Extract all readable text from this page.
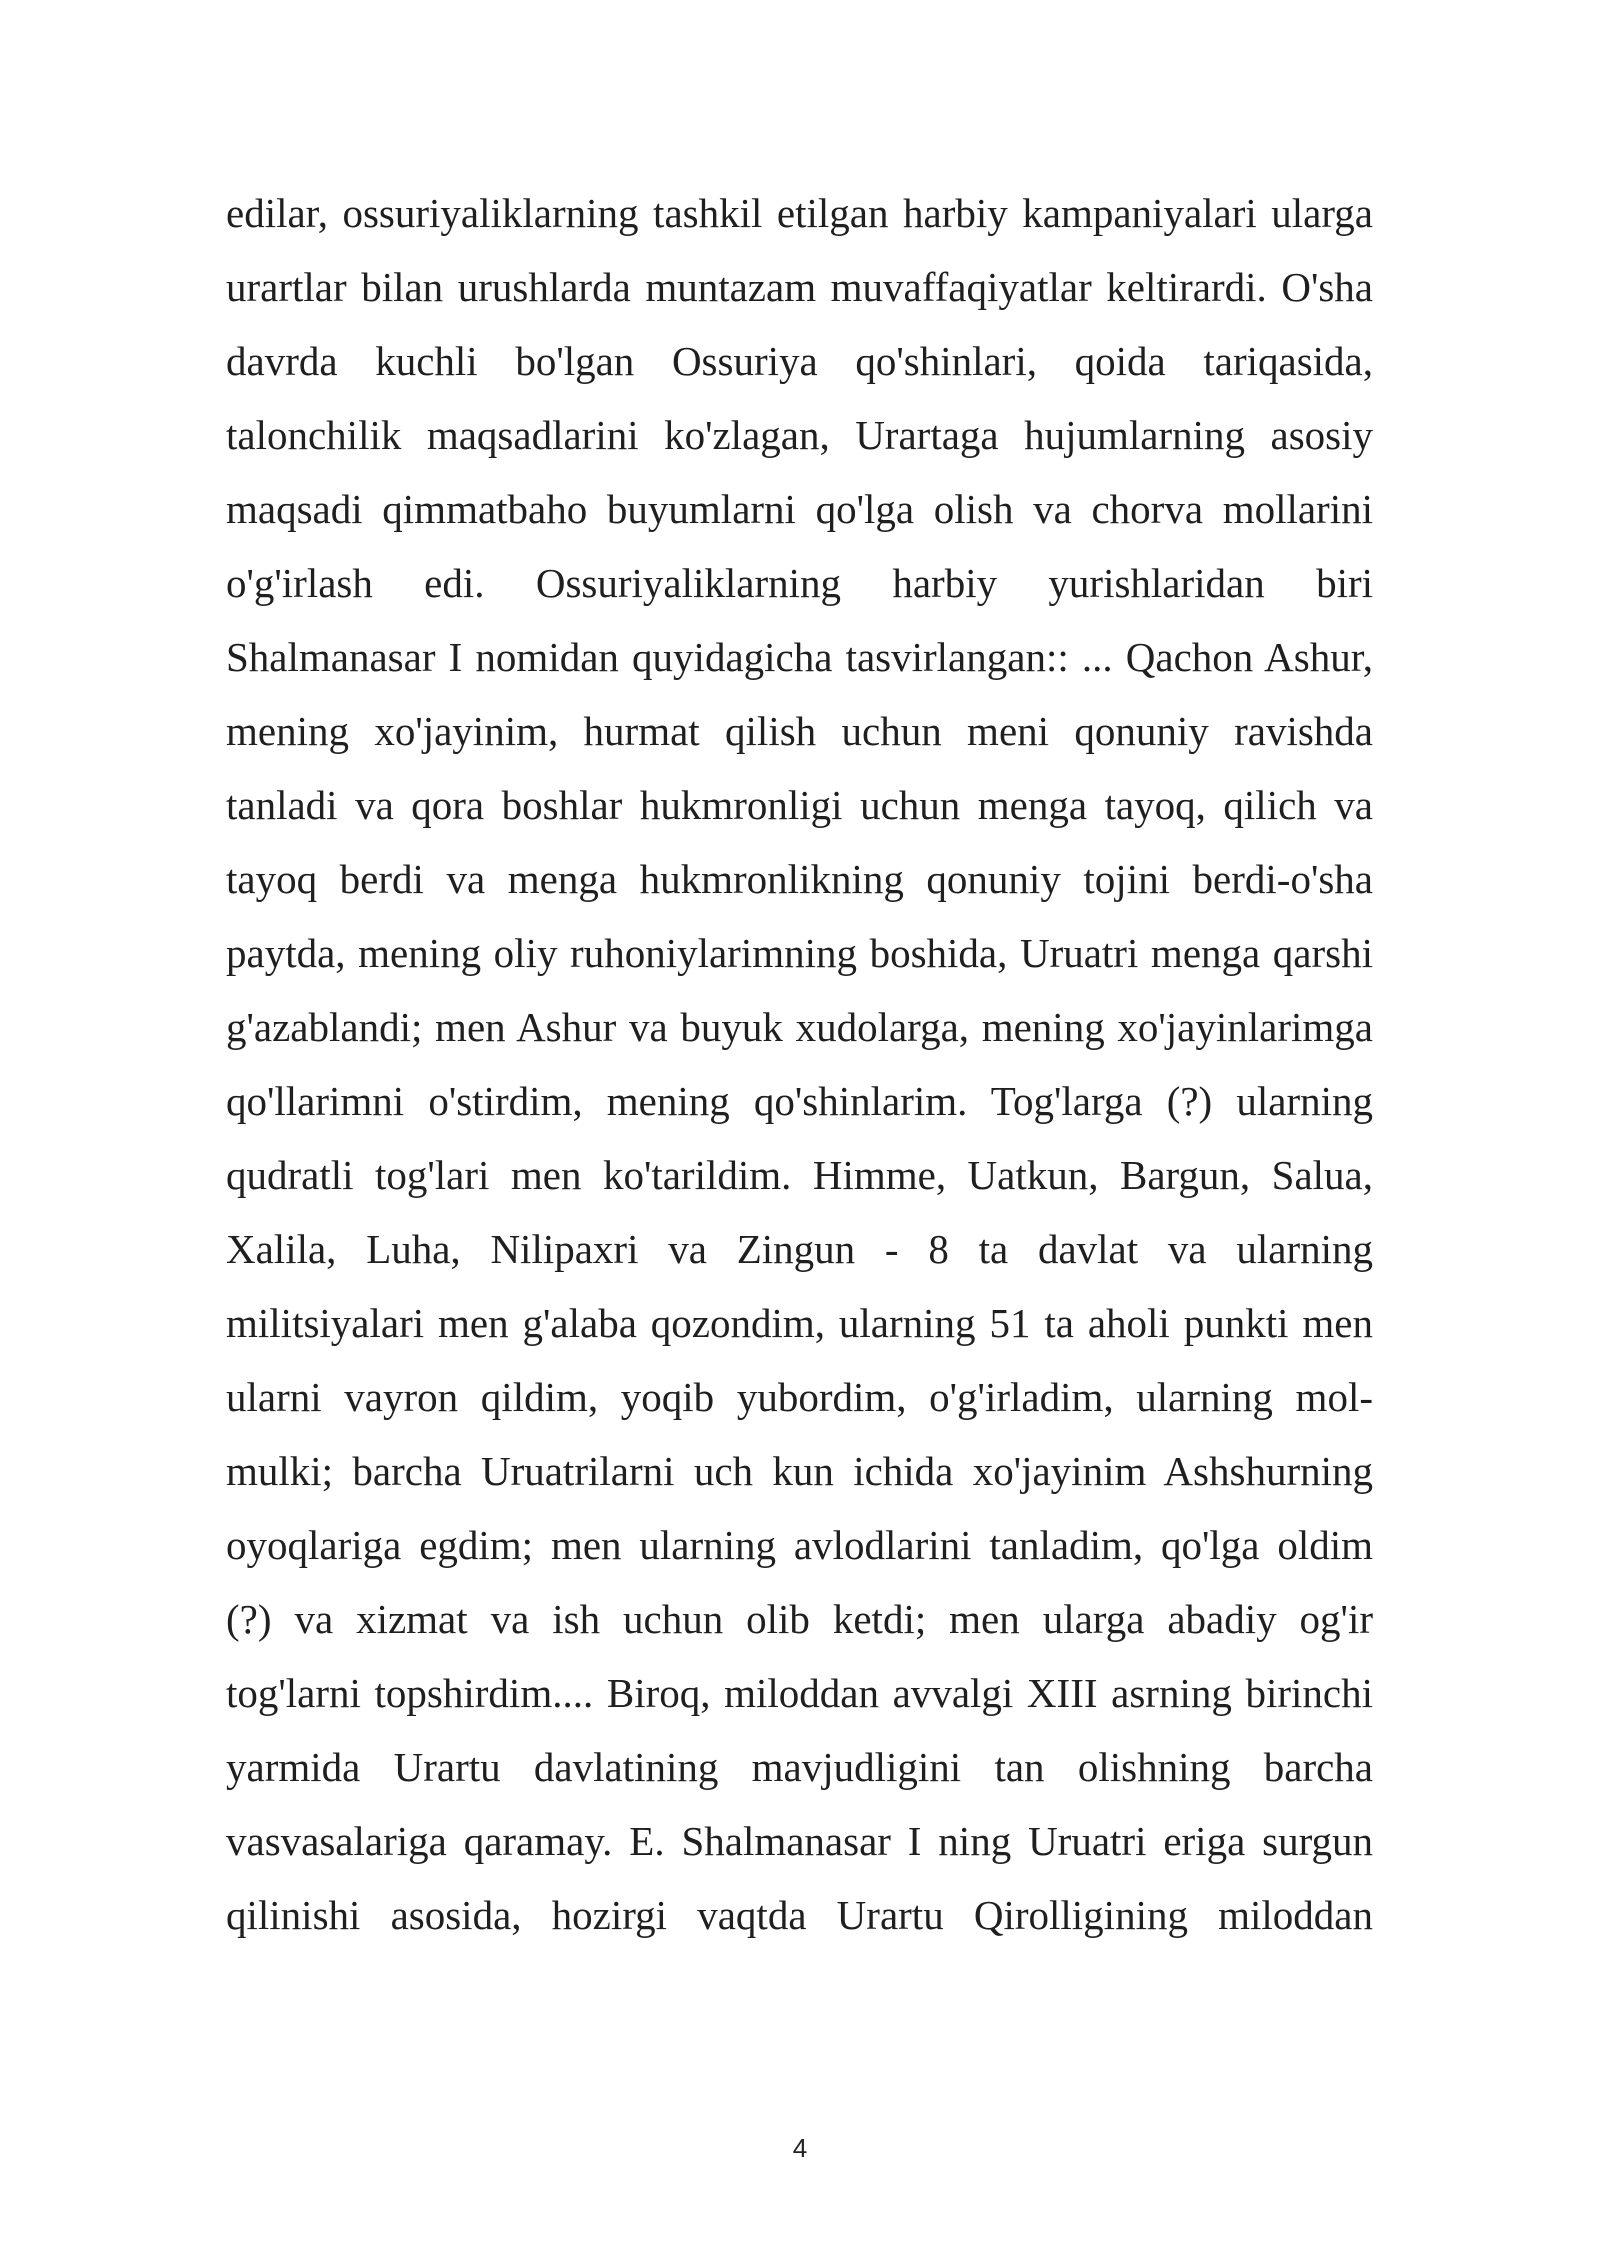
edilar, ossuriyaliklarning tashkil etilgan harbiy kampaniyalari ularga urartlar bilan urushlarda muntazam muvaffaqiyatlar keltirardi. O'sha davrda kuchli bo'lgan Ossuriya qo'shinlari, qoida tariqasida, talonchilik maqsadlarini ko'zlagan, Urartaga hujumlarning asosiy maqsadi qimmatbaho buyumlarni qo'lga olish va chorva mollarini o'g'irlash edi. Ossuriyaliklarning harbiy yurishlaridan biri Shalmanasar I nomidan quyidagicha tasvirlangan:: ... Qachon Ashur, mening xo'jayinim, hurmat qilish uchun meni qonuniy ravishda tanladi va qora boshlar hukmronligi uchun menga tayoq, qilich va tayoq berdi va menga hukmronlikning qonuniy tojini berdi-o'sha paytda, mening oliy ruhoniylarimning boshida, Uruatri menga qarshi g'azablandi; men Ashur va buyuk xudolarga, mening xo'jayinlarimga qo'llarimni o'stirdim, mening qo'shinlarim. Tog'larga (?) ularning qudratli tog'lari men ko'tarildim. Himme, Uatkun, Bargun, Salua, Xalila, Luha, Nilipaxri va Zingun - 8 ta davlat va ularning militsiyalari men g'alaba qozondim, ularning 51 ta aholi punkti men ularni vayron qildim, yoqib yubordim, o'g'irladim, ularning mol-mulki; barcha Uruatrilarni uch kun ichida xo'jayinim Ashshurning oyoqlariga egdim; men ularning avlodlarini tanladim, qo'lga oldim (?) va xizmat va ish uchun olib ketdi; men ularga abadiy og'ir tog'larni topshirdim.... Biroq, miloddan avvalgi XIII asrning birinchi yarmida Urartu davlatining mavjudligini tan olishning barcha vasvasalariga qaramay. E. Shalmanasar I ning Uruatri eriga surgun qilinishi asosida, hozirgi vaqtda Urartu Qirolligining miloddan

4
